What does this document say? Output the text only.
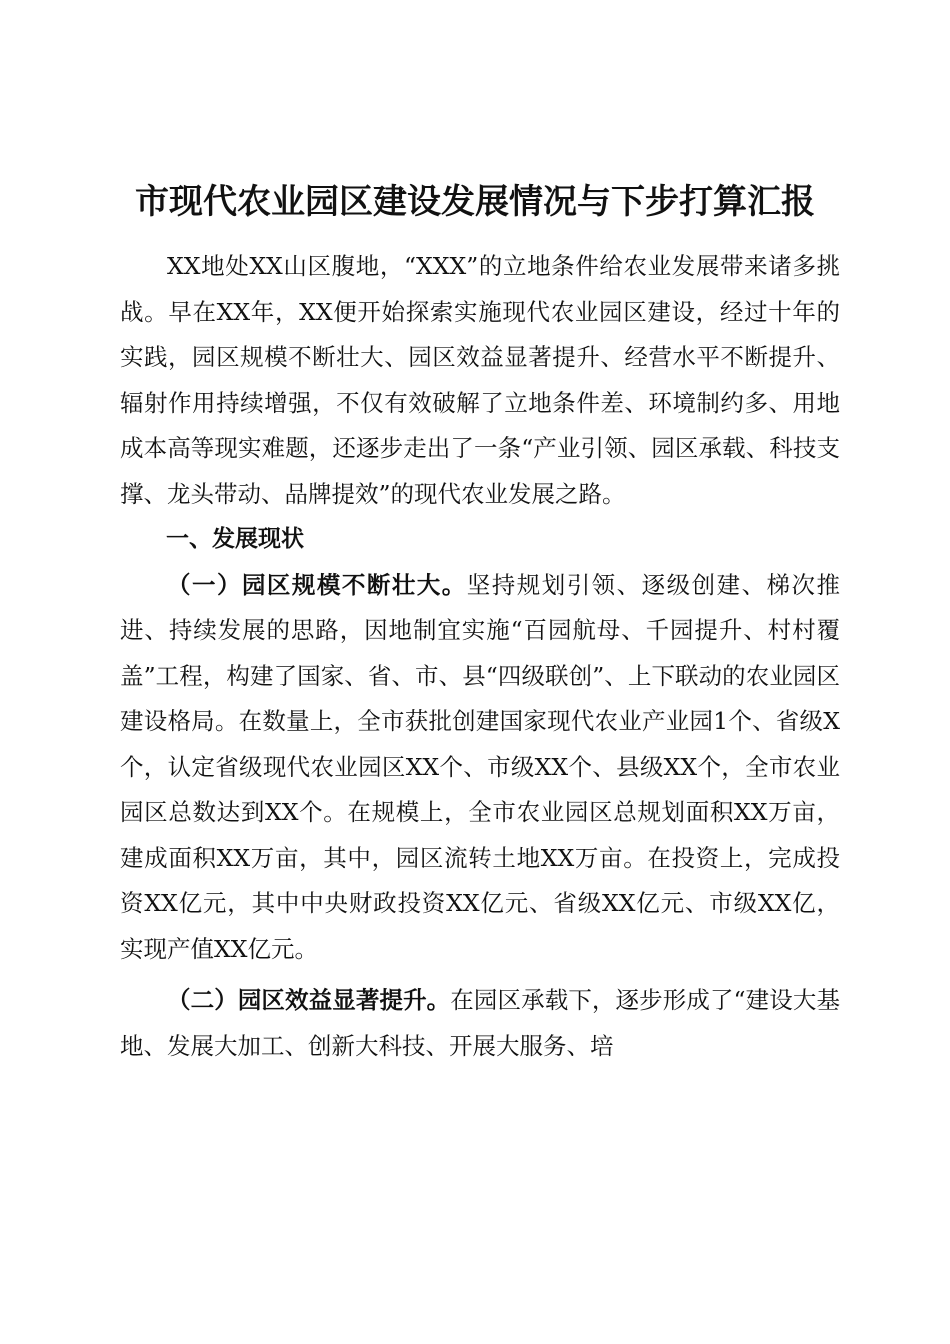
市现代农业园区建设发展情况与下步打算汇报

XX地处XX山区腹地，“XXX”的立地条件给农业发展带来诸多挑战。早在XX年，XX便开始探索实施现代农业园区建设，经过十年的实践，园区规模不断壮大、园区效益显著提升、经营水平不断提升、辐射作用持续增强，不仅有效破解了立地条件差、环境制约多、用地成本高等现实难题，还逐步走出了一条“产业引领、园区承载、科技支撑、龙头带动、品牌提效”的现代农业发展之路。

一、发展现状

（一）园区规模不断壮大。坚持规划引领、逐级创建、梯次推进、持续发展的思路，因地制宜实施“百园航母、千园提升、村村覆盖”工程，构建了国家、省、市、县“四级联创”、上下联动的农业园区建设格局。在数量上，全市获批创建国家现代农业产业园1个、省级X个，认定省级现代农业园区XX个、市级XX个、县级XX个，全市农业园区总数达到XX个。在规模上，全市农业园区总规划面积XX万亩，建成面积XX万亩，其中，园区流转土地XX万亩。在投资上，完成投资XX亿元，其中中央财政投资XX亿元、省级XX亿元、市级XX亿，实现产值XX亿元。

（二）园区效益显著提升。在园区承载下，逐步形成了“建设大基地、发展大加工、创新大科技、开展大服务、培
